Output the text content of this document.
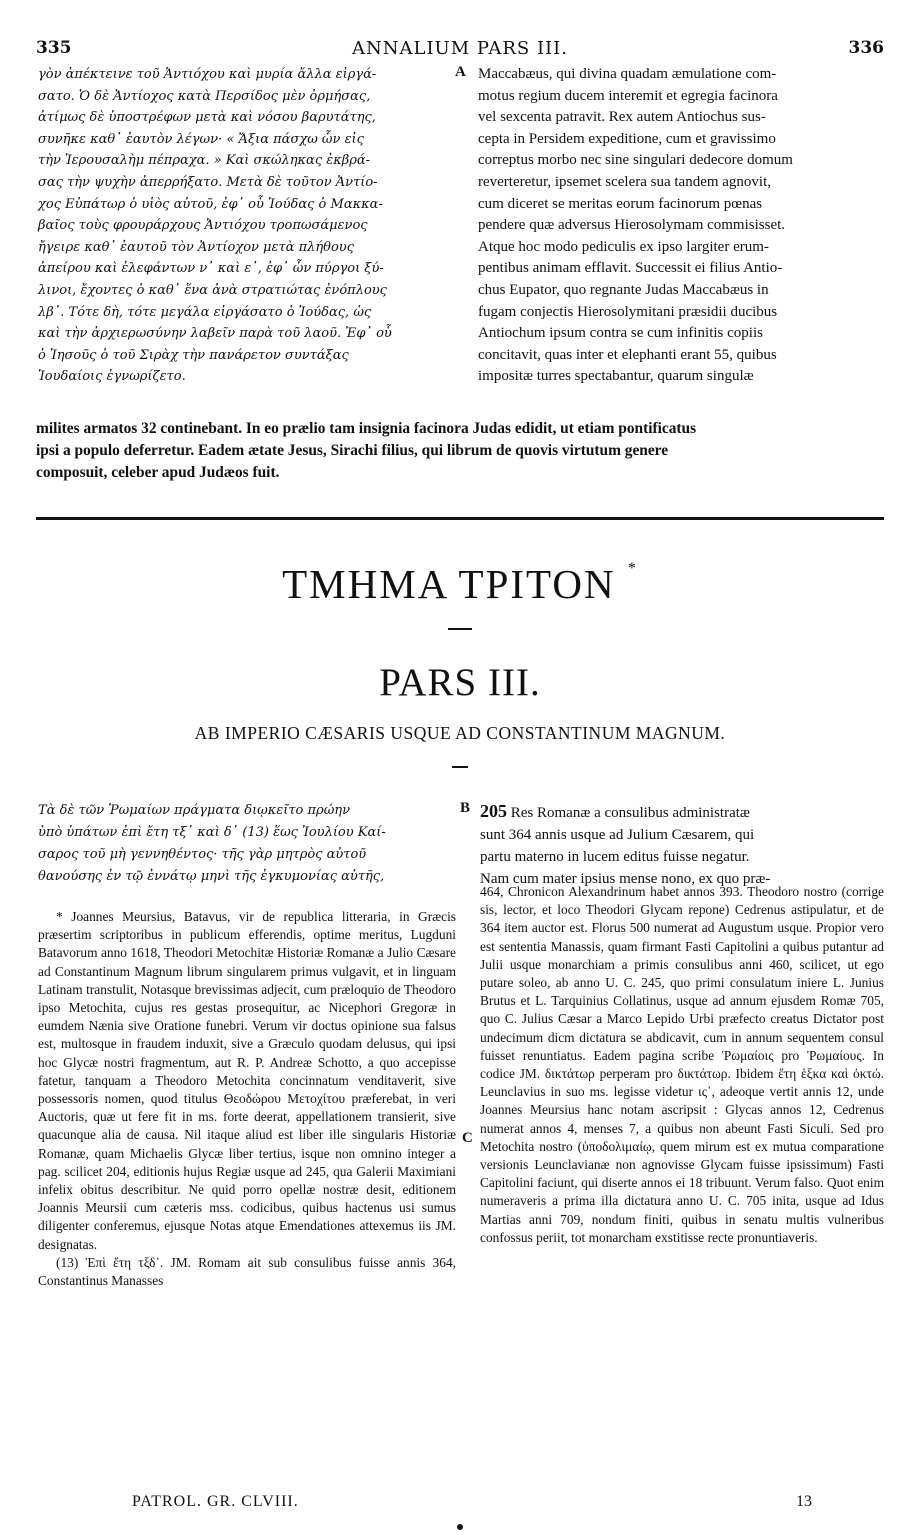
335	ANNALIUM PARS III.	336

γὸν ἀπέκτεινε τοῦ Ἀντιόχου καὶ μυρία ἄλλα εἰργά-

σατο. Ὁ δὲ Ἀντίοχος κατὰ Περσίδος μὲν ὁρμήσας,

ἀτίμως δὲ ὑποστρέφων μετὰ καὶ νόσου βαρυτάτης,

συνῆκε καθ᾽ ἑαυτὸν λέγων· « Ἄξια πάσχω ὧν εἰς

τὴν Ἱερουσαλὴμ πέπραχα. » Καὶ σκώληκας ἐκβρά-

σας τὴν ψυχὴν ἀπερρήξατο. Μετὰ δὲ τοῦτον Ἀντίο-

χος Εὐπάτωρ ὁ υἱὸς αὐτοῦ, ἐφ᾽ οὗ Ἰούδας ὁ Μακκα-

βαῖος τοὺς φρουράρχους Ἀντιόχου τροπωσάμενος

ἤγειρε καθ᾽ ἑαυτοῦ τὸν Ἀντίοχον μετὰ πλήθους

ἀπείρου καὶ ἐλεφάντων ν᾽ καὶ ε᾽, ἐφ᾽ ὧν πύργοι ξύ-

λινοι, ἔχοντες ὁ καθ᾽ ἕνα ἀνὰ στρατιώτας ἐνόπλους

λβ᾽. Τότε δὴ, τότε μεγάλα εἰργάσατο ὁ Ἰούδας, ὡς

καὶ τὴν ἀρχιερωσύνην λαβεῖν παρὰ τοῦ λαοῦ. Ἐφ᾽ οὗ

ὁ Ἰησοῦς ὁ τοῦ Σιρὰχ τὴν πανάρετον συντάξας

Ἰουδαίοις ἐγνωρίζετο.

A Maccabæus, qui divina quadam æmulatione com-

motus regium ducem interemit et egregia facinora

vel sexcenta patravit. Rex autem Antiochus sus-

cepta in Persidem expeditione, cum et gravissimo

correptus morbo nec sine singulari dedecore domum

reverteretur, ipsemet scelera sua tandem agnovit,

cum diceret se meritas eorum facinorum pœnas

pendere quæ adversus Hierosolymam commisisset.

Atque hoc modo pediculis ex ipso largiter erum-

pentibus animam efflavit. Successit ei filius Antio-

chus Eupator, quo regnante Judas Maccabæus in

fugam conjectis Hierosolymitani præsidii ducibus

Antiochum ipsum contra se cum infinitis copiis

concitavit, quas inter et elephanti erant 55, quibus

impositæ turres spectabantur, quarum singulæ

milites armatos 32 continebant. In eo prælio tam insignia facinora Judas edidit, ut etiam pontificatus
ipsi a populo deferretur. Eadem ætate Jesus, Sirachi filius, qui librum de quovis virtutum genere
composuit, celeber apud Judæos fuit.
ΤΜΗΜΑ ΤΡΙΤΟΝ *
PARS III.
AB IMPERIO CÆSARIS USQUE AD CONSTANTINUM MAGNUM.

Τὰ δὲ τῶν Ῥωμαίων πράγματα διῳκεῖτο πρώην

ὑπὸ ὑπάτων ἐπὶ ἔτη τξ᾽ καὶ δ᾽ (13) ἕως Ἰουλίου Καί-

σαρος τοῦ μὴ γεννηθέντος· τῆς γὰρ μητρὸς αὐτοῦ

θανούσης ἐν τῷ ἐννάτῳ μηνὶ τῆς ἐγκυμονίας αὐτῆς,

B 205 Res Romanæ a consulibus administratæ

sunt 364 annis usque ad Julium Cæsarem, qui

partu materno in lucem editus fuisse negatur.

Nam cum mater ipsius mense nono, ex quo præ-

* Joannes Meursius, Batavus, vir de republica litteraria, in Græcis præsertim scriptoribus in publicum efferendis, optime meritus, Lugduni Batavorum anno 1618, Theodori Metochitæ Historiæ Romanæ a Julio Cæsare ad Constantinum Magnum librum singularem primus vulgavit, et in linguam Latinam transtulit, Notasque brevissimas adjecit, cum præloquio de Theodoro ipso Metochita, cujus res gestas prosequitur, ac Nicephori Gregoræ in eumdem Nænia sive Oratione funebri. Verum vir doctus opinione sua falsus est, multosque in fraudem induxit, sive a Græculo quodam delusus, qui ipsi hoc Glycæ nostri fragmentum, aut R. P. Andreæ Schotto, a quo accepisse fatetur, tanquam a Theodoro Metochita concinnatum venditaverit, sive possessoris nomen, quod titulus Θεοδώρου Μετοχίτου præferebat, in veri Auctoris, quæ ut fere fit in ms. forte deerat, appellationem transierit, sive quacunque alia de causa. Nil itaque aliud est liber ille singularis Historiæ Romanæ, quam Michaelis Glycæ liber tertius, isque non omnino integer a pag. scilicet 204, editionis hujus Regiæ usque ad 245, qua Galerii Maximiani infelix obitus describitur. Ne quid porro opellæ nostræ desit, editionem Joannis Meursii cum cæteris mss. codicibus, quibus hactenus usi sumus diligenter conferemus, ejusque Notas atque Emendationes attexemus iis JM. designatas.

(13) Ἐπὶ ἔτη τξδ᾽. JM. Romam ait sub consulibus fuisse annis 364, Constantinus Manasses

C

464, Chronicon Alexandrinum habet annos 393. Theodoro nostro (corrige sis, lector, et loco Theodori Glycam repone) Cedrenus astipulatur, et de 364 item auctor est. Florus 500 numerat ad Augustum usque. Propior vero est sententia Manassis, quam firmant Fasti Capitolini a quibus putantur ad Julii usque monarchiam a primis consulibus anni 460, scilicet, ut ego putare soleo, ab anno U. C. 245, quo primi consulatum iniere L. Junius Brutus et L. Tarquinius Collatinus, usque ad annum ejusdem Romæ 705, quo C. Julius Cæsar a Marco Lepido Urbi præfecto creatus Dictator post undecimum dicm dictatura se abdicavit, cum in annum sequentem consul fuisset renuntiatus. Eadem pagina scribe Ῥωμαίοις pro Ῥωμαίους. In codice JM. δικτάτωρ perperam pro δικτάτωρ. Ibidem ἔτη ἑξκα καὶ ὀκτώ. Leunclavius in suo ms. legisse videtur ις᾽, adeoque vertit annis 12, unde Joannes Meursius hanc notam ascripsit : Glycas annos 12, Cedrenus numerat annos 4, menses 7, a quibus non abeunt Fasti Siculi. Sed pro Metochita nostro (ὑποδολιμαίῳ, quem mirum est ex mutua comparatione versionis Leunclavianæ non agnovisse Glycam fuisse ipsissimum) Fasti Capitolini faciunt, qui diserte annos ei 18 tribuunt. Verum falso. Quot enim numeraveris a prima illa dictatura anno U. C. 705 inita, usque ad Idus Martias anni 709, nondum finiti, quibus in senatu multis vulneribus confossus periit, tot monarcham exstitisse recte pronuntiaveris.

PATROL. GR. CLVIII.	13
